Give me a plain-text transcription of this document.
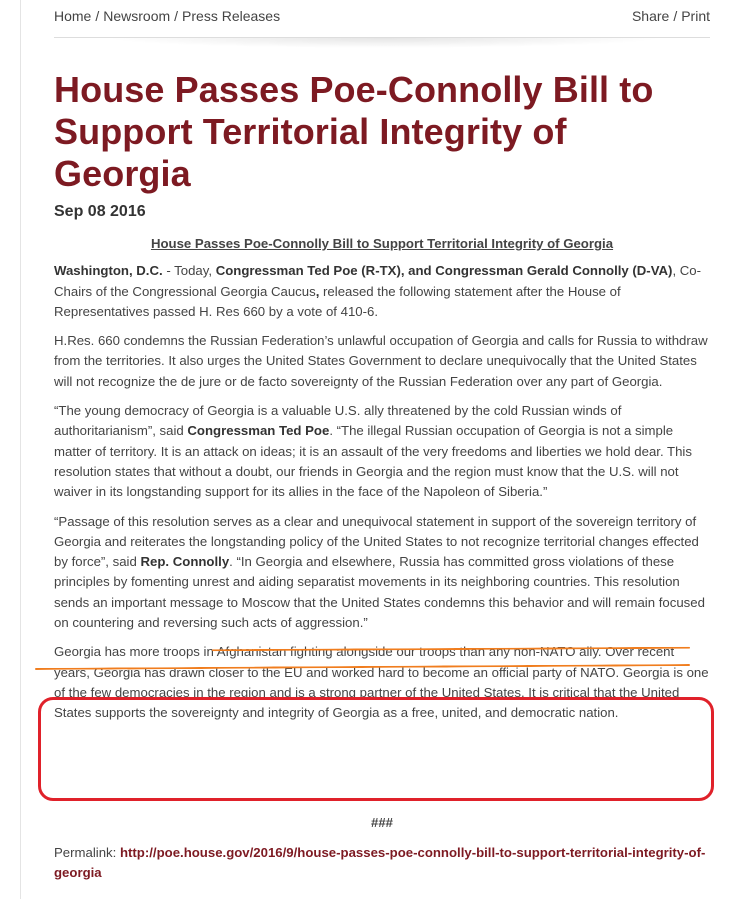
Home / Newsroom / Press Releases	Share / Print
House Passes Poe-Connolly Bill to Support Territorial Integrity of Georgia
Sep 08 2016
House Passes Poe-Connolly Bill to Support Territorial Integrity of Georgia

Washington, D.C. - Today, Congressman Ted Poe (R-TX), and Congressman Gerald Connolly (D-VA), Co-Chairs of the Congressional Georgia Caucus, released the following statement after the House of Representatives passed H. Res 660 by a vote of 410-6.

H.Res. 660 condemns the Russian Federation’s unlawful occupation of Georgia and calls for Russia to withdraw from the territories. It also urges the United States Government to declare unequivocally that the United States will not recognize the de jure or de facto sovereignty of the Russian Federation over any part of Georgia.

“The young democracy of Georgia is a valuable U.S. ally threatened by the cold Russian winds of authoritarianism”, said Congressman Ted Poe. “The illegal Russian occupation of Georgia is not a simple matter of territory. It is an attack on ideas; it is an assault of the very freedoms and liberties we hold dear. This resolution states that without a doubt, our friends in Georgia and the region must know that the U.S. will not waiver in its longstanding support for its allies in the face of the Napoleon of Siberia.”

“Passage of this resolution serves as a clear and unequivocal statement in support of the sovereign territory of Georgia and reiterates the longstanding policy of the United States to not recognize territorial changes effected by force”, said Rep. Connolly. “In Georgia and elsewhere, Russia has committed gross violations of these principles by fomenting unrest and aiding separatist movements in its neighboring countries. This resolution sends an important message to Moscow that the United States condemns this behavior and will remain focused on countering and reversing such acts of aggression.”

Georgia has more troops in Afghanistan fighting alongside our troops than any non-NATO ally. Over recent years, Georgia has drawn closer to the EU and worked hard to become an official party of NATO. Georgia is one of the few democracies in the region and is a strong partner of the United States. It is critical that the United States supports the sovereignty and integrity of Georgia as a free, united, and democratic nation.

###
Permalink: http://poe.house.gov/2016/9/house-passes-poe-connolly-bill-to-support-territorial-integrity-of-georgia
